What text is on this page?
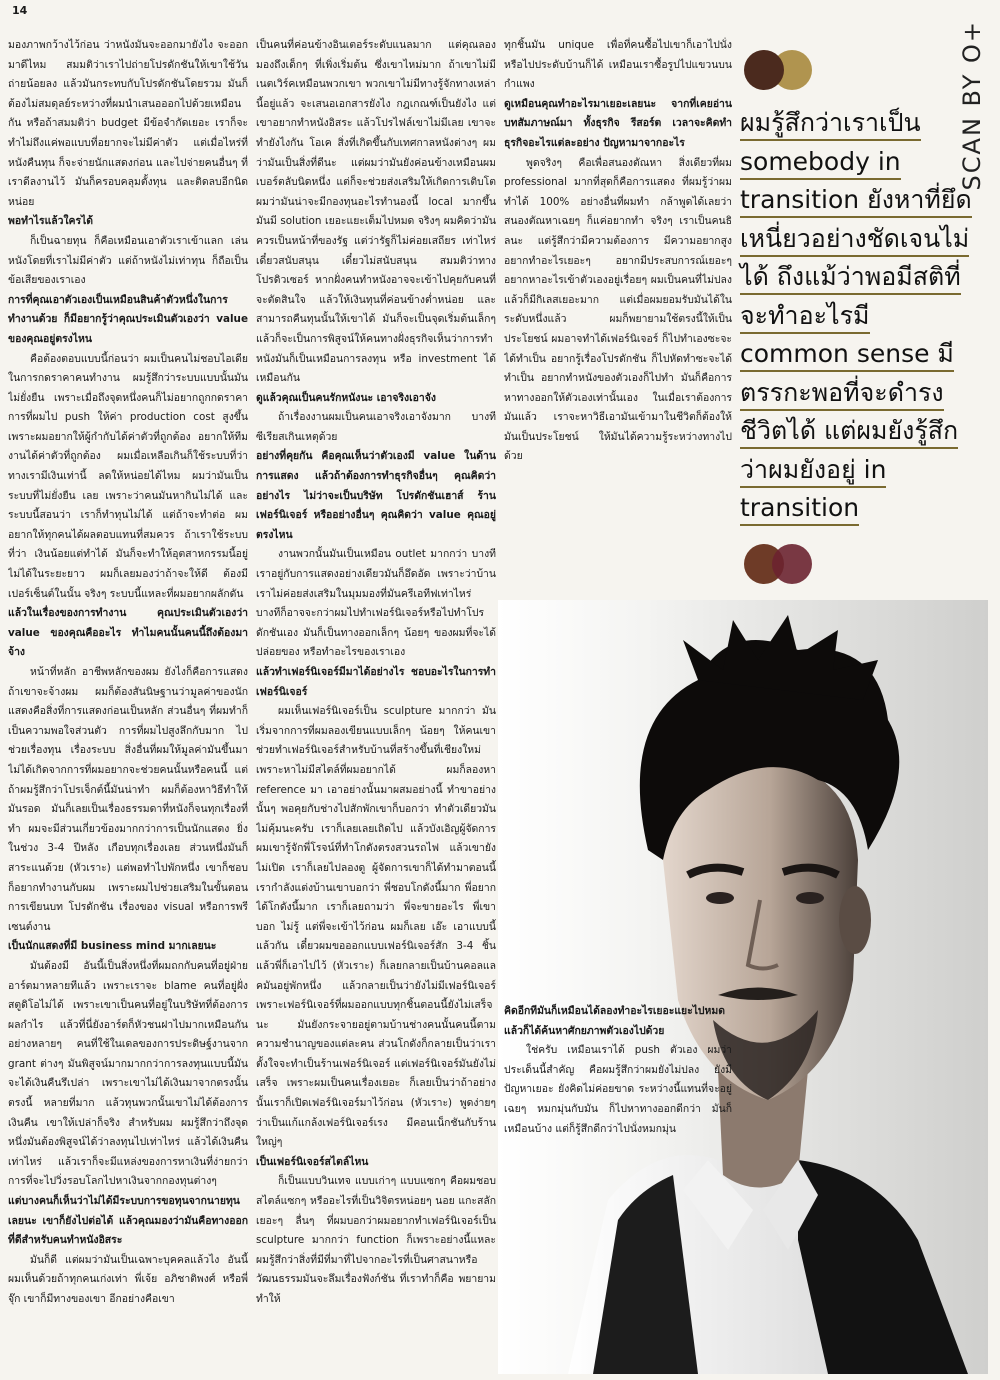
14

มองภาพกว้างไว้ก่อน ว่าหนังมันจะออกมายังไง จะออกมาดีไหม สมมติว่าเราไปถ่ายโปรดักชันให้เขาใช้วันถ่ายน้อยลง แล้วมันกระทบกับโปรดักชันโดยรวม มันก็ต้องไม่สมดุลย์ระหว่างที่ผมนำเสนอออกไปด้วยเหมือนกัน หรือถ้าสมมติว่า budget มีข้อจำกัดเยอะ เราก็จะทำไม่ถึงแค่พอแบบที่อยากจะไม่มีค่าตัว แต่เมื่อไหร่ที่หนังคืนทุน ก็จะจ่ายนักแสดงก่อน และไปจ่ายคนอื่นๆ ที่เราดีลงานไว้ มันก็ครอบคลุมตั้งทุน และติดลบอีกนิดหน่อย

พอทำไรแล้วใครได้

ก็เป็นฉายทุน ก็คือเหมือนเอาตัวเราเข้าแลก เล่นหนังโดยที่เราไม่มีค่าตัว แต่ถ้าหนังไม่เท่าทุน ก็ถือเป็นข้อเสียของเราเอง

การที่คุณเอาตัวเองเป็นเหมือนสินค้าตัวหนึ่งในการทำงานด้วย ก็มีอยากรู้ว่าคุณประเมินตัวเองว่า value ของคุณอยู่ตรงไหน

คือต้องตอบแบบนี้ก่อนว่า ผมเป็นคนไม่ชอบไอเดียในการกดราคาคนทำงาน ผมรู้สึกว่าระบบแบบนั้นมันไม่ยั่งยืน เพราะเมื่อถึงจุดหนึ่งคนก็ไม่อยากถูกกดราคา การที่ผมไป push ให้ค่า production cost สูงขึ้น เพราะผมอยากให้ผู้กำกับได้ค่าตัวที่ถูกต้อง อยากให้ทีมงานได้ค่าตัวที่ถูกต้อง ผมเมื่อเหลือเกินก็ใช้ระบบที่ว่า ทางเรามีเงินเท่านี้ ลดให้หน่อยได้ไหม ผมว่ามันเป็นระบบที่ไม่ยั่งยืน เลย เพราะว่าคนมันหากินไม่ได้ และระบบนี้สอนว่า เราก็ทำทุนไม่ได้ แต่ถ้าจะทำต่อ ผมอยากให้ทุกคนได้ผลตอบแทนที่สมควร ถ้าเราใช้ระบบที่ว่า เงินน้อยแต่ทำได้ มันก็จะทำให้อุตสาหกรรมนี้อยู่ไม่ได้ในระยะยาว ผมก็เลยมองว่าถ้าจะให้ดี ต้องมีเปอร์เซ็นต์ในนั้น จริงๆ ระบบนี้แหละที่ผมอยากผลักดัน

แล้วในเรื่องของการทำงาน คุณประเมินตัวเองว่า value ของคุณคืออะไร ทำไมคนนั้นคนนี้ถึงต้องมาจ้าง

หน้าที่หลัก อาชีพหลักของผม ยังไงก็คือการแสดง ถ้าเขาจะจ้างผม ผมก็ต้องสันนิษฐานว่ามูลค่าของนักแสดงคือสิ่งที่การแสดงก่อนเป็นหลัก ส่วนอื่นๆ ที่ผมทำก็เป็นความพอใจส่วนตัว การที่ผมไปสูงลึกกับมาก ไปช่วยเรื่องทุน เรื่องระบบ สิ่งอื่นที่ผมให้มูลค่ามันขึ้นมาไม่ได้เกิดจากการที่ผมอยากจะช่วยคนนั้นหรือคนนี้ แต่ถ้าผมรู้สึกว่าโปรเจ็กต์นี้มันน่าทำ ผมก็ต้องหาวิธีทำให้มันรอด มันก็เลยเป็นเรื่องธรรมดาที่หนังก็จนทุกเรื่องที่ทำ ผมจะมีส่วนเกี่ยวข้องมากกว่าการเป็นนักแสดง ยิ่งในช่วง 3-4 ปีหลัง เกือบทุกเรื่องเลย ส่วนหนึ่งมันก็สาระแนด้วย (หัวเราะ) แต่พอทำไปพักหนึ่ง เขาก็ชอบ ก็อยากทำงานกับผม เพราะผมไปช่วยเสริมในขั้นตอนการเขียนบท โปรดักชัน เรื่องของ visual หรือการพรีเซนต์งาน

เป็นนักแสดงที่มี business mind มากเลยนะ

มันต้องมี อันนี้เป็นสิ่งหนึ่งที่ผมถกกับคนที่อยู่ฝ่ายอาร์ตมาหลายทีแล้ว เพราะเราจะ blame คนที่อยู่ฝั่งสตูดิโอไม่ได้ เพราะเขาเป็นคนที่อยู่ในบริษัทที่ต้องการผลกำไร แล้วที่นี่ยังอาร์ตก็หัวชนฝาไปมากเหมือนกัน อย่างหลายๆ คนที่ใช้ในเดลของการประดิษฐ์งานจาก grant ต่างๆ มันพิสูจน์มากมากกว่าการลงทุนแบบนี้มันจะได้เงินคืนรึเปล่า เพราะเขาไม่ได้เงินมาจากตรงนั้นตรงนี้ หลายที่มาก แล้วทุนพวกนั้นเขาไม่ได้ต้องการเงินคืน เขาให้เปล่าก็จริง สำหรับผม ผมรู้สึกว่าถึงจุดหนึ่งมันต้องพิสูจน์ได้ว่าลงทุนไปเท่าไหร่ แล้วได้เงินคืนเท่าไหร่ แล้วเราก็จะมีแหล่งของการหาเงินที่ง่ายกว่าการที่จะไปวิ่งรอบโลกไปหาเงินจากกองทุนต่างๆ

แต่บางคนก็เห็นว่าไม่ได้มีระบบการขอทุนจากนายทุนเลยนะ เขาก็ยังไปต่อได้ แล้วคุณมองว่ามันคือทางออกที่ดีสำหรับคนทำหนังอิสระ

มันก็ดี แต่ผมว่ามันเป็นเฉพาะบุคคลแล้วไง อันนี้ผมเห็นด้วยถ้าทุกคนเก่งเท่า พี่เจ้ย อภิชาติพงศ์ หรือพี่จุ๊ก เขาก็มีทางของเขา อีกอย่างคือเขา

เป็นคนที่ค่อนข้างอินเตอร์ระดับแนลมาก แต่คุณลองมองถึงเด็กๆ ที่เพิ่งเริ่มต้น ซึ่งเขาไหม่มาก ถ้าเขาไม่มีเนตเวิร์คเหมือนพวกเขา พวกเขาไม่มีทางรู้จักทางเหล่านี้อยู่แล้ว จะเสนอเอกสารยังไง กฎเกณฑ์เป็นยังไง แต่เขาอยากทำหนังอิสระ แล้วโปรไฟล์เขาไม่มีเลย เขาจะทำยังไงกัน โอเค สิ่งที่เกิดขึ้นกับเทศกาลหนังต่างๆ ผมว่ามันเป็นสิ่งที่ดีนะ แต่ผมว่ามันยังค่อนข้างเหมือนผมเบอร์ตลับนิดหนึ่ง แต่ก็จะช่วยส่งเสริมให้เกิดการเติบโต ผมว่ามันน่าจะมีกองทุนอะไรทำนองนี้ local มากขึ้น มันมี solution เยอะแยะเต็มไปหมด จริงๆ ผมคิดว่ามันควรเป็นหน้าที่ของรัฐ แต่ว่ารัฐก็ไม่ค่อยเสถียร เท่าไหร่ เดี๋ยวสนับสนุน เดี๋ยวไม่สนับสนุน สมมติว่าทางโปรดิวเซอร์ หากฝั่งคนทำหนังอาจจะเข้าไปคุยกับคนที่จะตัดสินใจ แล้วให้เงินทุนที่ค่อนข้างต่ำหน่อย และสามารถคืนทุนนั้นให้เขาได้ มันก็จะเป็นจุดเริ่มต้นเล็กๆ แล้วก็จะเป็นการพิสูจน์ให้คนทางฝั่งธุรกิจเห็นว่าการทำหนังมันก็เป็นเหมือนการลงทุน หรือ investment ได้เหมือนกัน

ดูแล้วคุณเป็นคนรักหนังนะ เอาจริงเอาจัง

ถ้าเรื่องงานผมเป็นคนเอาจริงเอาจังมาก บางทีซีเรียสเกินเหตุด้วย

อย่างที่คุยกัน คือคุณเห็นว่าตัวเองมี value ในด้านการแสดง แล้วถ้าต้องการทำธุรกิจอื่นๆ คุณคิดว่าอย่างไร ไม่ว่าจะเป็นบริษัท โปรดักชันเฮาส์ ร้านเฟอร์นิเจอร์ หรืออย่างอื่นๆ คุณคิดว่า value คุณอยู่ตรงไหน

งานพวกนั้นมันเป็นเหมือน outlet มากกว่า บางทีเราอยู่กับการแสดงอย่างเดียวมันก็อึดอัด เพราะว่าบ้านเราไม่ค่อยส่งเสริมในมุมมองที่มันครีเอทีฟเท่าไหร่ บางทีก็อาจจะกว่าผมไปทำเฟอร์นิเจอร์หรือไปทำโปรดักชันเอง มันก็เป็นทางออกเล็กๆ น้อยๆ ของผมที่จะได้ปล่อยของ หรือทำอะไรของเราเอง

แล้วทำเฟอร์นิเจอร์มีมาได้อย่างไร ชอบอะไรในการทำเฟอร์นิเจอร์

ผมเห็นเฟอร์นิเจอร์เป็น sculpture มากกว่า มันเริ่มจากการที่ผมลองเขียนแบบเล็กๆ น้อยๆ ให้คนเขาช่วยทำเฟอร์นิเจอร์สำหรับบ้านที่สร้างขึ้นที่เชียงใหม่ เพราะหาไม่มีสไตล์ที่ผมอยากได้ ผมก็ลองหา reference มา เอาอย่างนั้นมาผสมอย่างนี้ ทำขาอย่างนั้นๆ พอคุยกับช่างไปสักพักเขาก็บอกว่า ทำตัวเดียวมันไม่คุ้มนะครับ เราก็เลยเลยเถิดไป แล้วบังเอิญผู้จัดการผมเขารู้จักพี่โรจน์ที่ทำโกดังตรงสวนรถไฟ แล้วเขายังไม่เปิด เราก็เลยไปลองดู ผู้จัดการเขาก็ได้ทำมาตอนนี้เรากำลังแต่งบ้านเขาบอกว่า พี่ชอบโกดังนี้มาก พี่อยากได้โกดังนี้มาก เราก็เลยถามว่า พี่จะขายอะไร พี่เขาบอก ไม่รู้ แต่พี่จะเข้าไว้ก่อน ผมก็เลย เอ๊ะ เอาแบบนี้แล้วกัน เดี๋ยวผมขอออกแบบเฟอร์นิเจอร์สัก 3-4 ชิ้น แล้วพี่ก็เอาไปไว้ (หัวเราะ) ก็เลยกลายเป็นบ้านคอลแลคมันอยู่พักหนึ่ง แล้วกลายเป็นว่ายังไม่มีเฟอร์นิเจอร์เพราะเฟอร์นิเจอร์ที่ผมออกแบบทุกชิ้นตอนนี้ยังไม่เสร็จนะ มันยังกระจายอยู่ตามบ้านช่างคนนั้นคนนี้ตามความชำนาญของแต่ละคน ส่วนโกดังก็กลายเป็นว่าเราตั้งใจจะทำเป็นร้านเฟอร์นิเจอร์ แต่เฟอร์นิเจอร์มันยังไม่เสร็จ เพราะผมเป็นคนเรื่องเยอะ ก็เลยเป็นว่าถ้าอย่างนั้นเราก็เปิดเฟอร์นิเจอร์มาไว้ก่อน (หัวเราะ) พูดง่ายๆ ว่าเป็นแก้แกล้งเฟอร์นิเจอร์เรง มีคอนเน็กชันกับร้านใหญ่ๆ

เป็นเฟอร์นิเจอร์สไตล์ไหน

ก็เป็นแบบวินเทจ แบบเก่าๆ แบบแซกๆ คือผมชอบสไตล์แซกๆ หรืออะไรที่เป็นวิจิตรหน่อยๆ นอย แกะสลักเยอะๆ ลื่นๆ ที่ผมบอกว่าผมอยากทำเฟอร์นิเจอร์เป็น sculpture มากกว่า function ก็เพราะอย่างนี้แหละ ผมรู้สึกว่าสิ่งที่มีที่มาที่ไปจากอะไรที่เป็นศาสนาหรือวัฒนธรรมมันจะลึมเรื่องฟังก์ชัน ที่เราทำก็คือ พยายามทำให้

ทุกชิ้นมัน unique เพื่อที่คนซื้อไปเขาก็เอาไปนั่ง หรือไปประดับบ้านก็ได้ เหมือนเราซื้อรูปไปแขวนบนกำแพง

ดูเหมือนคุณทำอะไรมาเยอะเลยนะ จากที่เคยอ่านบทสัมภาษณ์มา ทั้งธุรกิจ รีสอร์ต เวลาจะคิดทำธุรกิจอะไรแต่ละอย่าง ปัญหามาจากอะไร

พูดจริงๆ คือเพื่อสนองตัณหา สิ่งเดียวที่ผม professional มากที่สุดก็คือการแสดง ที่ผมรู้ว่าผมทำได้ 100% อย่างอื่นที่ผมทำ กล้าพูดได้เลยว่าสนองตัณหาเฉยๆ ก็แค่อยากทำ จริงๆ เราเป็นคนธิลนะ แต่รู้สึกว่ามีความต้องการ มีความอยากสูง อยากทำอะไรเยอะๆ อยากมีประสบการณ์เยอะๆ อยากหาอะไรเข้าตัวเองอยู่เรื่อยๆ ผมเป็นคนที่ไม่ปลง แล้วก็มีกิเลสเยอะมาก แต่เมื่อผมยอมรับมันได้ในระดับหนึ่งแล้ว ผมก็พยายามใช้ตรงนี้ให้เป็นประโยชน์ ผมอาจทำได้เฟอร์นิเจอร์ ก็ไปทำเองซะจะได้ทำเป็น อยากรู้เรื่องโปรดักชัน ก็ไปหัดทำซะจะได้ทำเป็น อยากทำหนังของตัวเองก็ไปทำ มันก็คือการหาทางออกให้ตัวเองเท่านั้นเอง ในเมื่อเราต้องการมันแล้ว เราจะหาวิธีเอามันเข้ามาในชีวิตก็ต้องให้มันเป็นประโยชน์ ให้มันได้ความรู้ระหว่างทางไปด้วย

SCAN BY O+
ผมรู้สึกว่าเราเป็น somebody in transition ยังหาที่ยึดเหนี่ยวอย่างชัดเจนไม่ได้ ถึงแม้ว่าพอมีสติที่จะทำอะไรมี common sense มีตรรกะพอที่จะดำรงชีวิตได้ แต่ผมยังรู้สึกว่าผมยังอยู่ in transition

คิดอีกทีมันก็เหมือนได้ลองทำอะไรเยอะแยะไปหมด แล้วก็ได้ค้นหาศักยภาพตัวเองไปด้วย

ใช่ครับ เหมือนเราได้ push ตัวเอง ผมว่าประเด็นนี้สำคัญ คือผมรู้สึกว่าผมยังไม่ปลง ยังมีปัญหาเยอะ ยังคิดไม่ค่อยขาด ระหว่างนี้แทนที่จะอยู่เฉยๆ หมกมุ่นกับมัน ก็ไปหาทางออกดีกว่า มันก็เหมือนบ้าง แต่ก็รู้สึกดีกว่าไปนั่งหมกมุ่น
